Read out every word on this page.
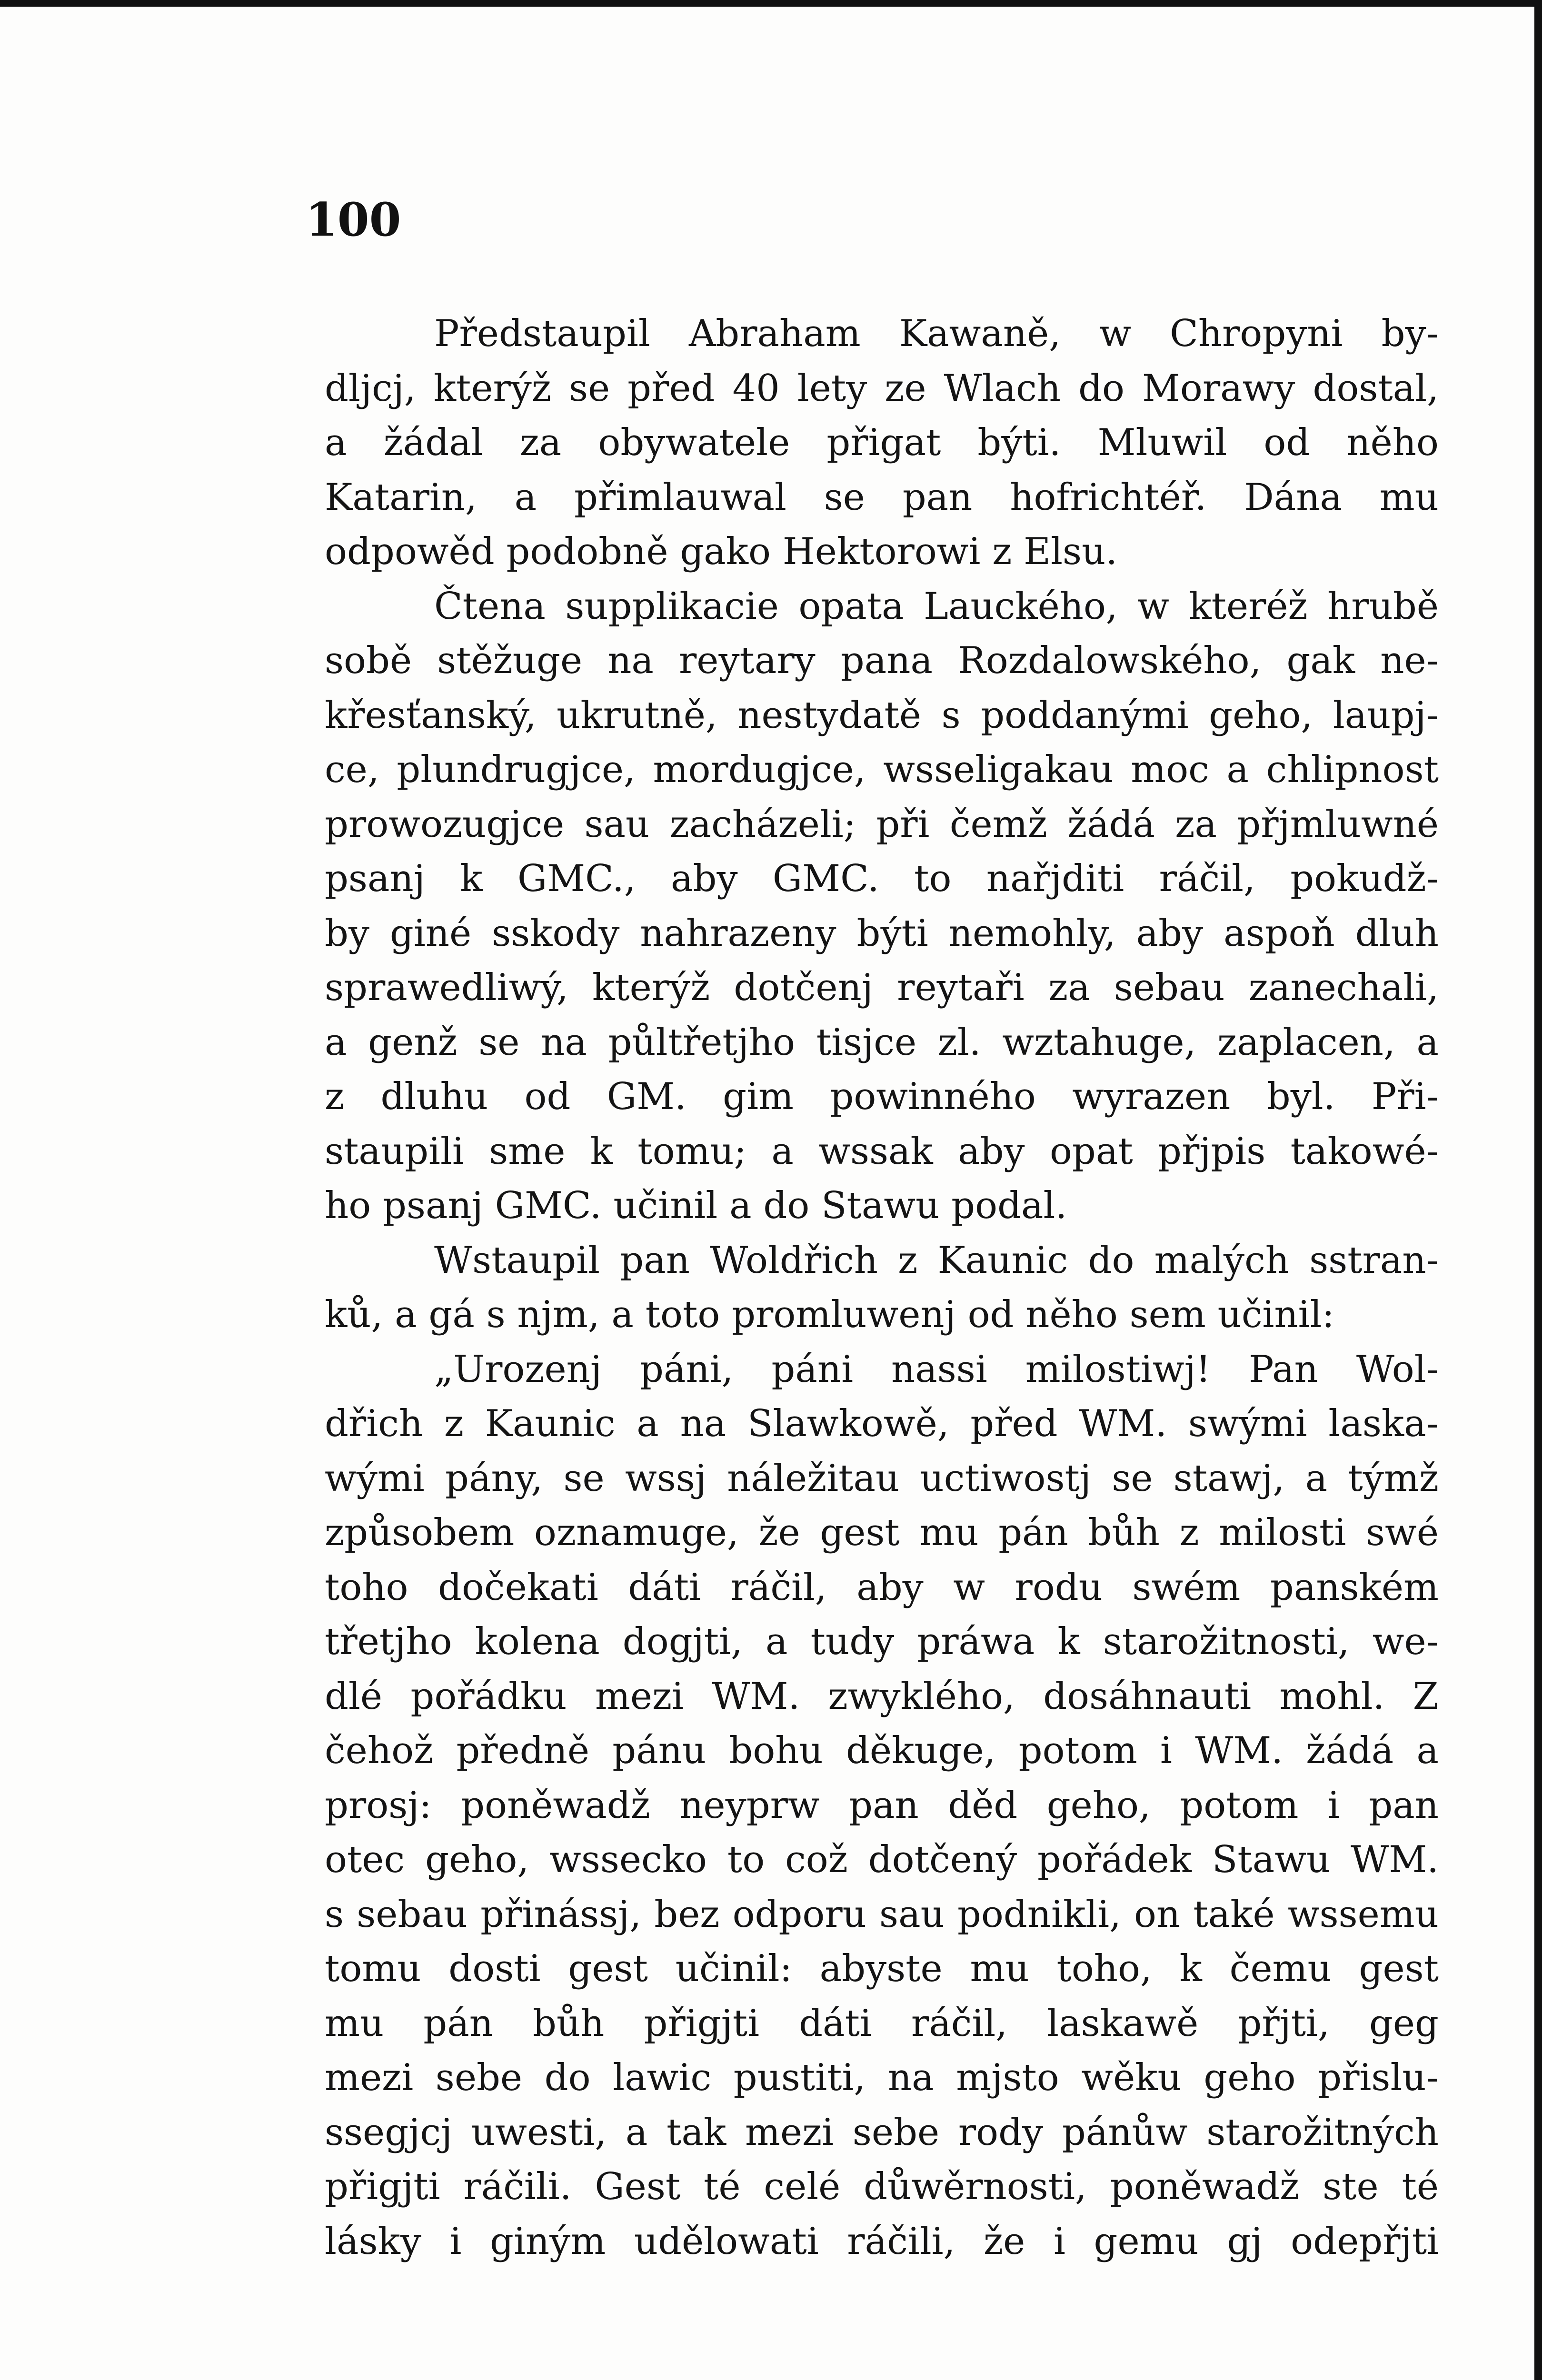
100
Předstaupil Abraham Kawaně, w Chropyni by-
dljcj, kterýž se před 40 lety ze Wlach do Morawy dostal,
a žádal za obywatele přigat býti. Mluwil od něho
Katarin, a přimlauwal se pan hofrichtéř. Dána mu
odpowěd podobně gako Hektorowi z Elsu.
Čtena supplikacie opata Lauckého, w kteréž hrubě
sobě stěžuge na reytary pana Rozdalowského, gak ne-
křesťanský, ukrutně, nestydatě s poddanými geho, laupj-
ce, plundrugjce, mordugjce, wsseligakau moc a chlipnost
prowozugjce sau zacházeli; při čemž žádá za přjmluwné
psanj k GMC., aby GMC. to nařjditi ráčil, pokudž-
by giné sskody nahrazeny býti nemohly, aby aspoň dluh
sprawedliwý, kterýž dotčenj reytaři za sebau zanechali,
a genž se na půltřetjho tisjce zl. wztahuge, zaplacen, a
z dluhu od GM. gim powinného wyrazen byl. Při-
staupili sme k tomu; a wssak aby opat přjpis takowé-
ho psanj GMC. učinil a do Stawu podal.
Wstaupil pan Woldřich z Kaunic do malých sstran-
ků, a gá s njm, a toto promluwenj od něho sem učinil:
„Urozenj páni, páni nassi milostiwj! Pan Wol-
dřich z Kaunic a na Slawkowě, před WM. swými laska-
wými pány, se wssj náležitau uctiwostj se stawj, a týmž
způsobem oznamuge, že gest mu pán bůh z milosti swé
toho dočekati dáti ráčil, aby w rodu swém panském
třetjho kolena dogjti, a tudy práwa k starožitnosti, we-
dlé pořádku mezi WM. zwyklého, dosáhnauti mohl. Z
čehož předně pánu bohu děkuge, potom i WM. žádá a
prosj: poněwadž neyprw pan děd geho, potom i pan
otec geho, wssecko to což dotčený pořádek Stawu WM.
s sebau přinássj, bez odporu sau podnikli, on také wssemu
tomu dosti gest učinil: abyste mu toho, k čemu gest
mu pán bůh přigjti dáti ráčil, laskawě přjti, geg
mezi sebe do lawic pustiti, na mjsto wěku geho přislu-
ssegjcj uwesti, a tak mezi sebe rody pánůw starožitných
přigjti ráčili. Gest té celé důwěrnosti, poněwadž ste té
lásky i giným udělowati ráčili, že i gemu gj odepřjti
